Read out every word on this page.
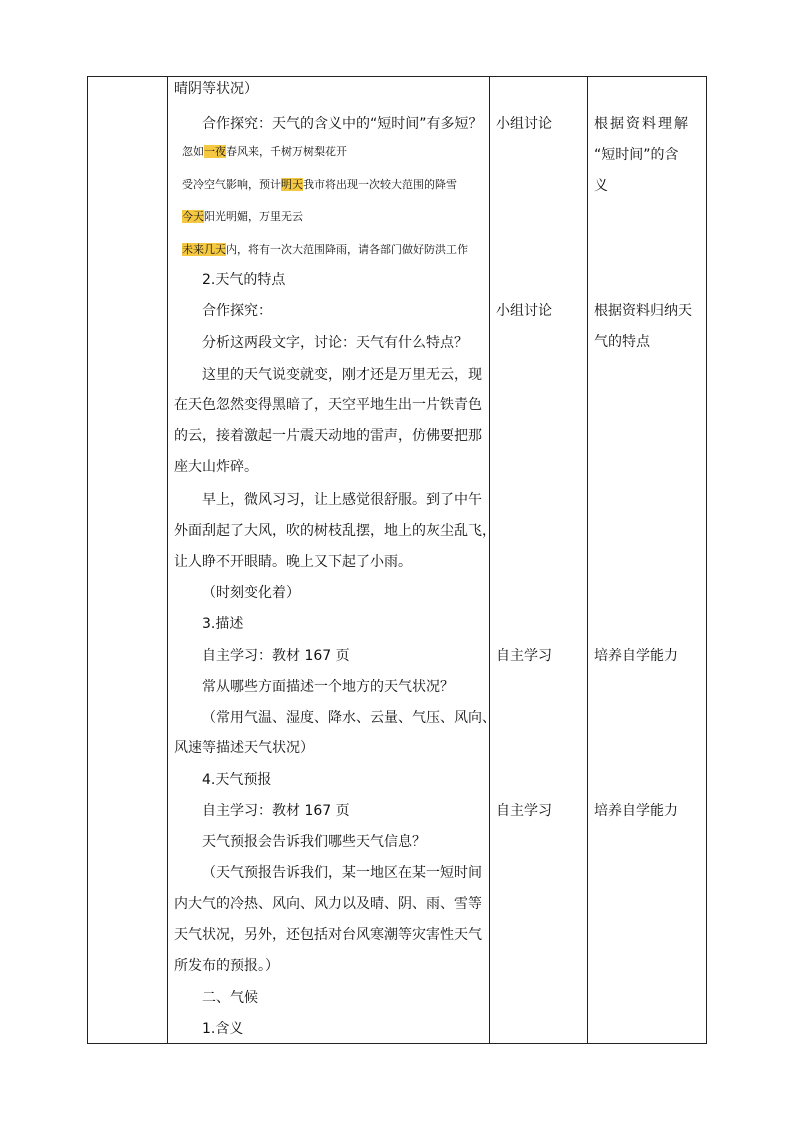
晴阴等状况）
合作探究：天气的含义中的“短时间”有多短？
忽如一夜春风来，千树万树梨花开
受冷空气影响，预计明天我市将出现一次较大范围的降雪
今天阳光明媚，万里无云
未来几天内，将有一次大范围降雨，请各部门做好防洪工作
2.天气的特点
合作探究：
分析这两段文字，讨论：天气有什么特点？
这里的天气说变就变，刚才还是万里无云，现
在天色忽然变得黑暗了，天空平地生出一片铁青色
的云，接着激起一片震天动地的雷声，仿佛要把那
座大山炸碎。
早上，微风习习，让上感觉很舒服。到了中午
外面刮起了大风，吹的树枝乱摆，地上的灰尘乱飞，
让人睁不开眼睛。晚上又下起了小雨。
（时刻变化着）
3.描述
自主学习：教材 167 页
常从哪些方面描述一个地方的天气状况？
（常用气温、湿度、降水、云量、气压、风向、
风速等描述天气状况）
4.天气预报
自主学习：教材 167 页
天气预报会告诉我们哪些天气信息？
（天气预报告诉我们，某一地区在某一短时间
内大气的冷热、风向、风力以及晴、阴、雨、雪等
天气状况，另外，还包括对台风寒潮等灾害性天气
所发布的预报。）
二、气候
1.含义
小组讨论
小组讨论
自主学习
自主学习
根据资料理解
“短时间”的含
义
根据资料归纳天
气的特点
培养自学能力
培养自学能力
